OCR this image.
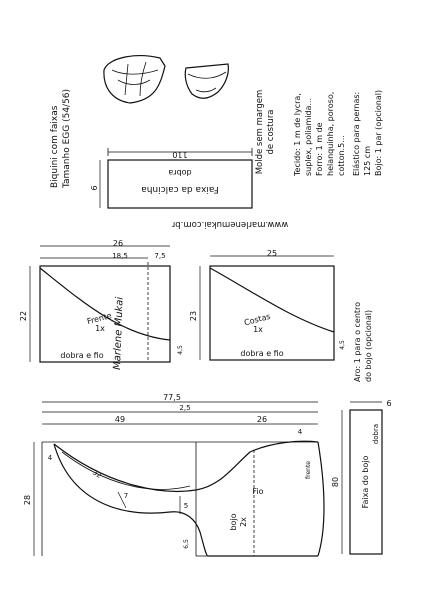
Biquini com faixas Tamanho EGG (54/56)	Molde sem margem de costura Tecido: 1 m de lycra, suplex, poliamida... Forro: 1 m de helanquinha, poroso, cotton.5... Elástico para pernas: 125 cm Bojo: 1 par (opcional)
110
6
dobra
Faixa da calcinha
www.marlenemukai.com.br
26
18,5	7,5
22
4,5
Frente
1x
dobra e fio
25
23
4,5
Costas
1x
dobra e fio	Aro: 1 para o centro do bojo (opcional)
Marlene Mukai
77,5
2,5
49	26
28
32
7
5
4
6,5
4
Fio
bojo 2x
frente
80
6
Faixa do bojo
dobra
